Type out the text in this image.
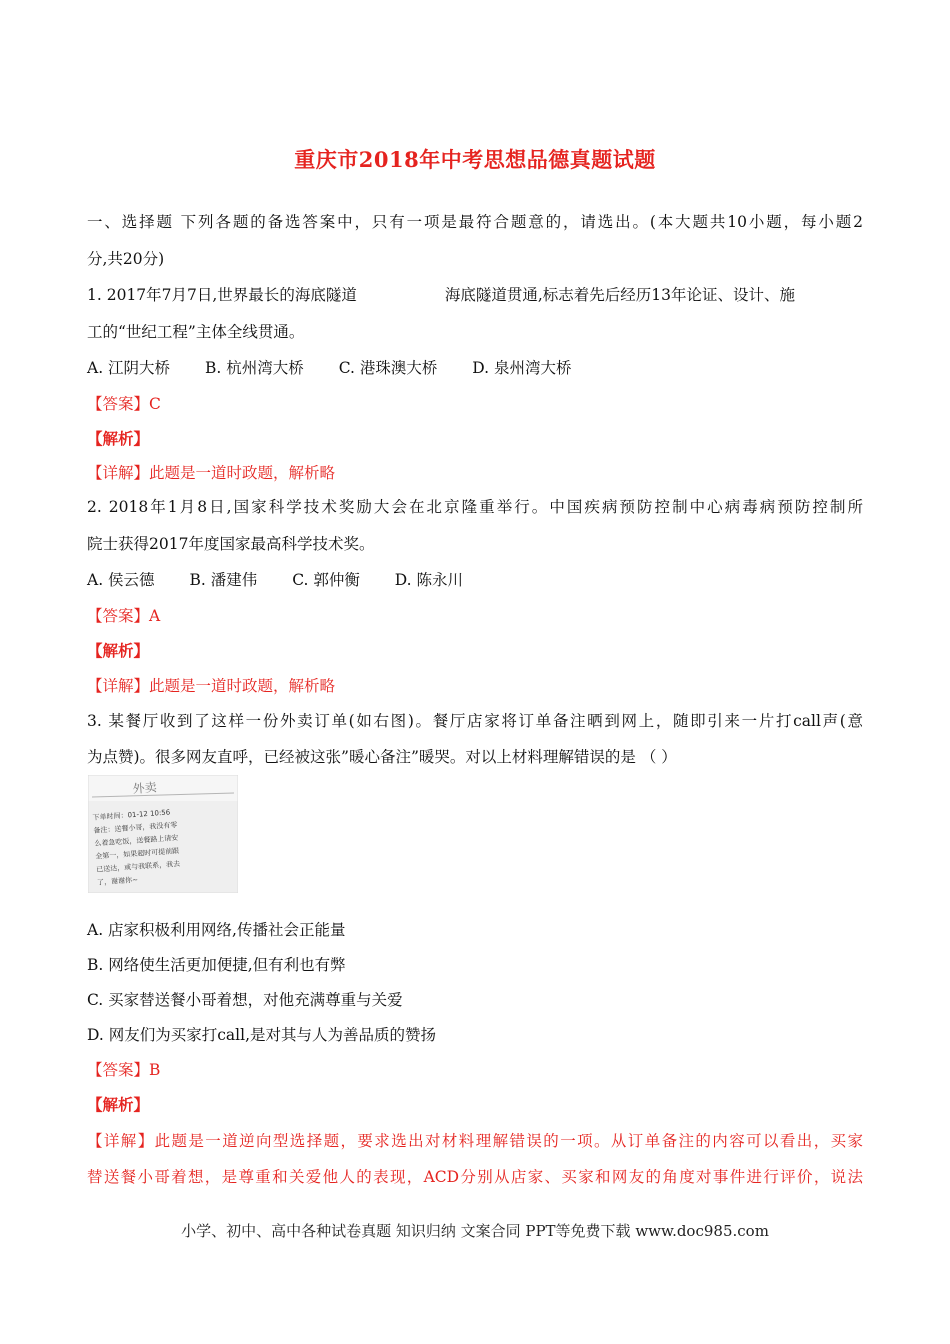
重庆市2018年中考思想品德真题试题
一、选择题 下列各题的备选答案中，只有一项是最符合题意的，请选出。(本大题共10小题，每小题2
分,共20分)
1. 2017年7月7日,世界最长的海底隧道	海底隧道贯通,标志着先后经历13年论证、设计、施
工的“世纪工程”主体全线贯通。
A. 江阴大桥 B. 杭州湾大桥 C. 港珠澳大桥 D. 泉州湾大桥
【答案】C
【解析】
【详解】此题是一道时政题，解析略
2. 2018年1月8日,国家科学技术奖励大会在北京隆重举行。中国疾病预防控制中心病毒病预防控制所
院士获得2017年度国家最高科学技术奖。
A. 侯云德 B. 潘建伟 C. 郭仲衡 D. 陈永川
【答案】A
【解析】
【详解】此题是一道时政题，解析略
3. 某餐厅收到了这样一份外卖订单(如右图)。餐厅店家将订单备注晒到网上，随即引来一片打call声(意
为点赞)。很多网友直呼，已经被这张”暖心备注”暖哭。对以上材料理解错误的是 （ ）
外卖
下单时间：01-12 10:56
备注：送餐小哥，我没有零
么着急吃饭，送餐路上请安
全第一，如果超时可提前跟
已送达，或与我联系，我去
了，谢谢你~
A. 店家积极利用网络,传播社会正能量
B. 网络使生活更加便捷,但有利也有弊
C. 买家替送餐小哥着想，对他充满尊重与关爱
D. 网友们为买家打call,是对其与人为善品质的赞扬
【答案】B
【解析】
【详解】此题是一道逆向型选择题，要求选出对材料理解错误的一项。从订单备注的内容可以看出，买家
替送餐小哥着想，是尊重和关爱他人的表现，ACD分别从店家、买家和网友的角度对事件进行评价，说法
小学、初中、高中各种试卷真题 知识归纳 文案合同 PPT等免费下载 www.doc985.com
